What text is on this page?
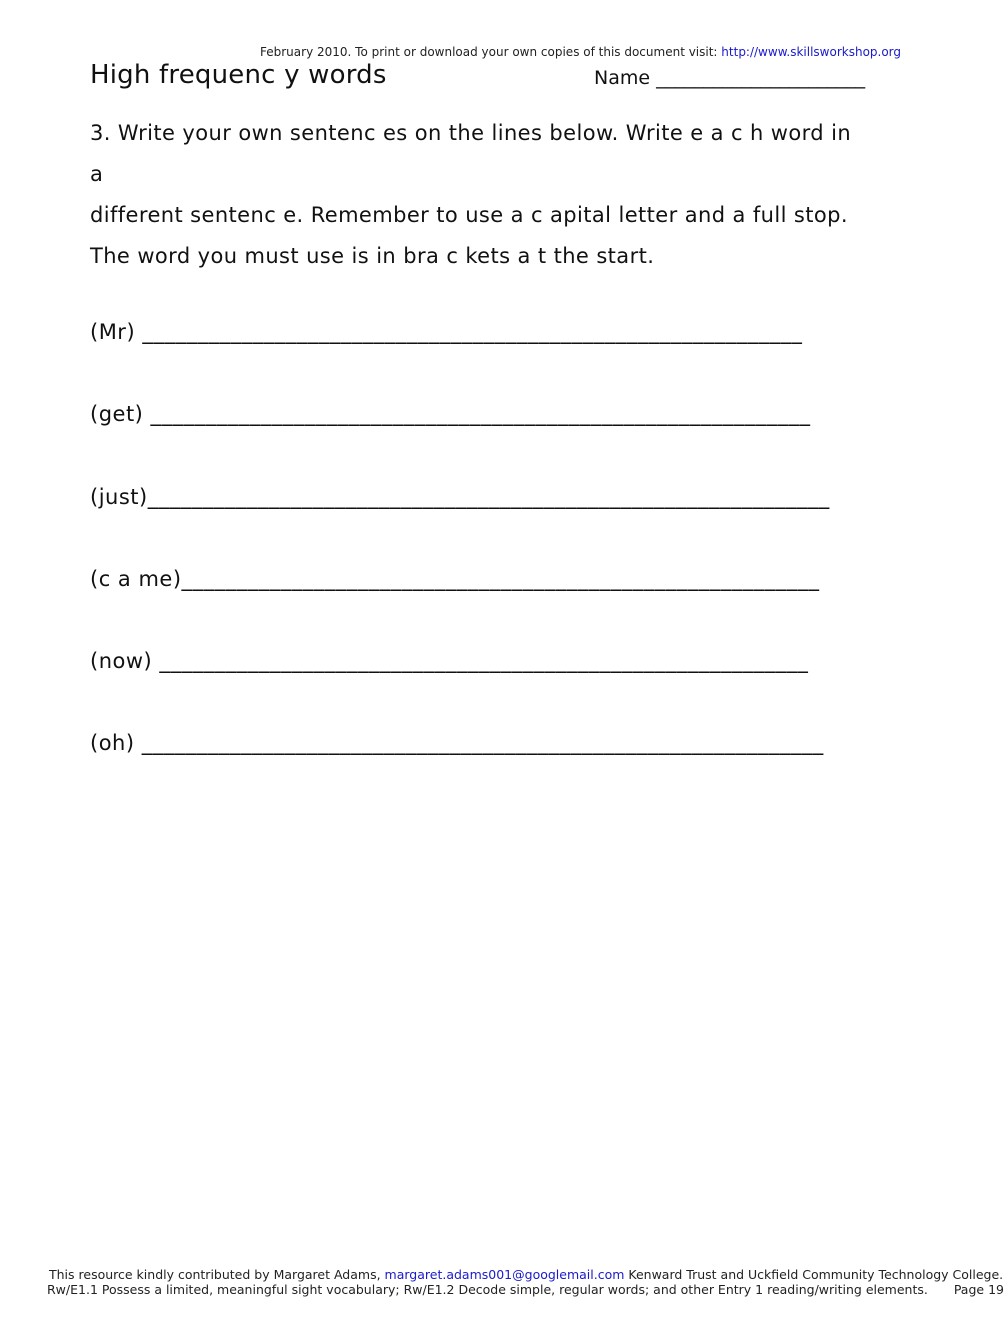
February 2010. To print or download your own copies of this document visit: http://www.skillsworkshop.org
High frequenc y words	Name ______________________

3. Write your own sentenc es on the lines below. Write e a c h word in a

different sentenc e. Remember to use a c apital letter and a full stop.

The word you must use is in bra c kets a t the start.

(Mr) ____________________________________________________________
(get) ____________________________________________________________
(just)______________________________________________________________
(c a me)__________________________________________________________
(now) ___________________________________________________________
(oh) ______________________________________________________________
This resource kindly contributed by Margaret Adams, margaret.adams001@googlemail.com Kenward Trust and Uckfield Community Technology College.
Rw/E1.1 Possess a limited, meaningful sight vocabulary; Rw/E1.2 Decode simple, regular words; and other Entry 1 reading/writing elements. Page 19
